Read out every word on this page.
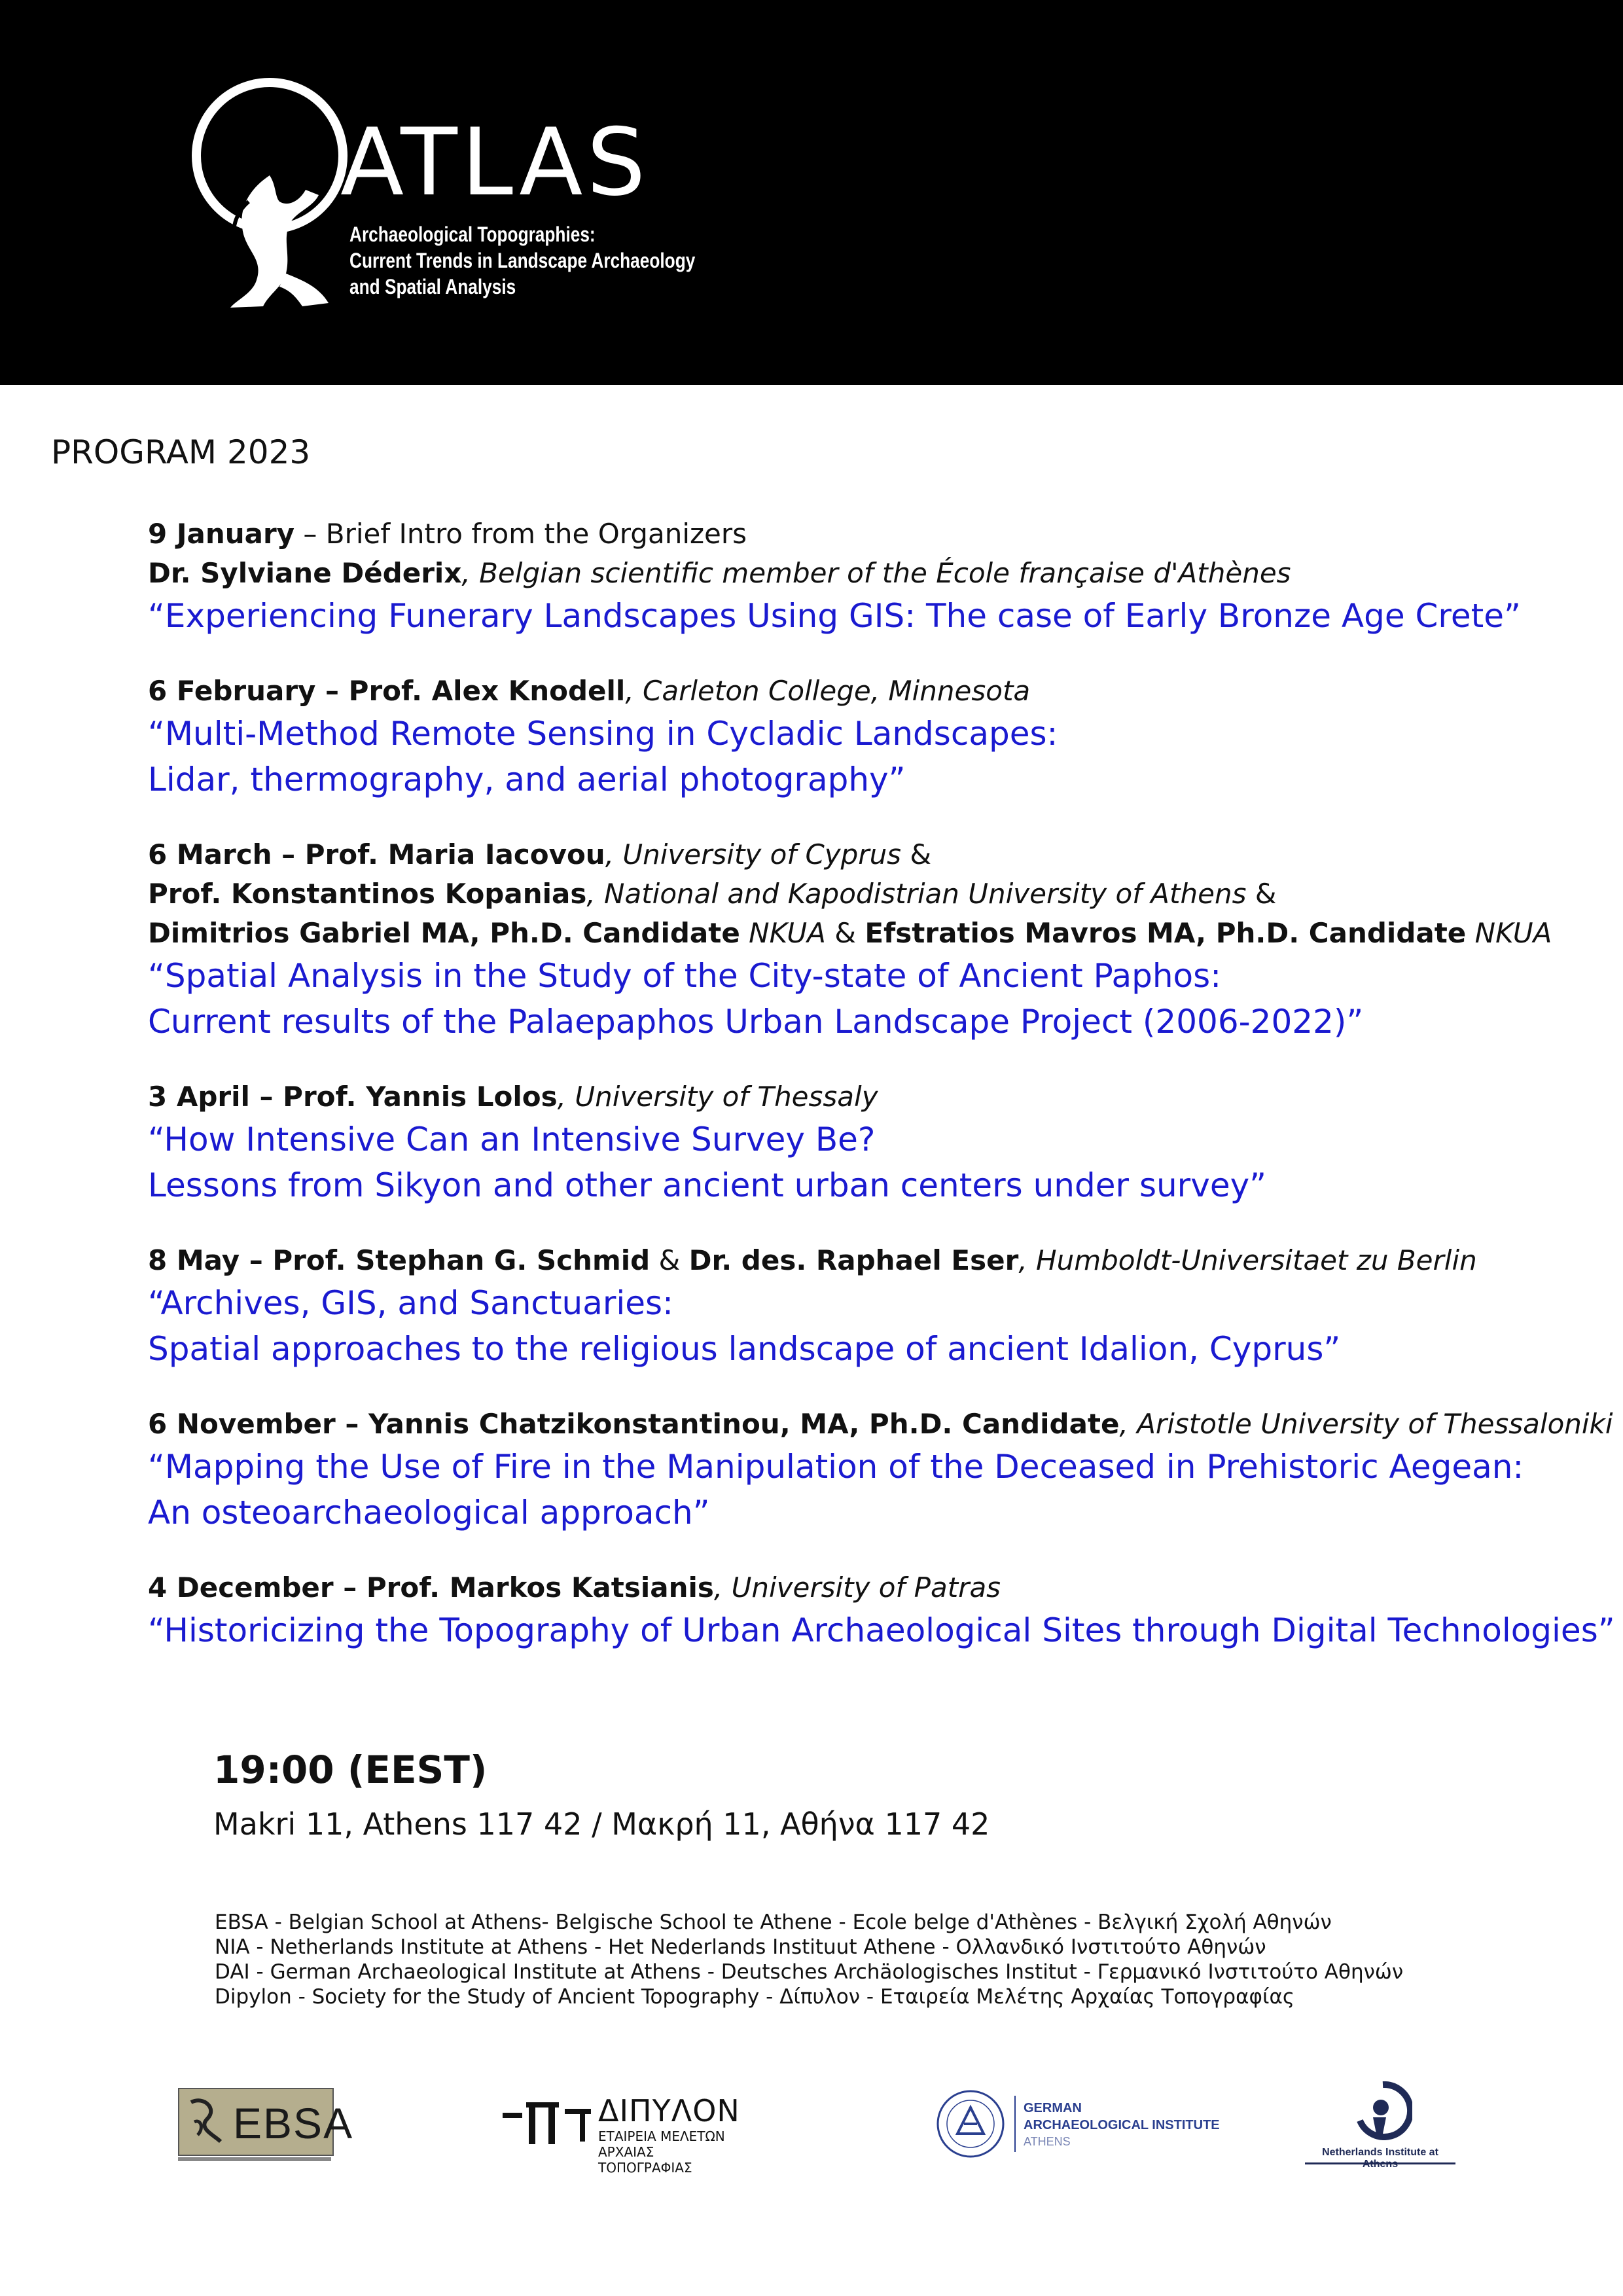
ATLAS
Archaeological Topographies:
Current Trends in Landscape Archaeology
and Spatial Analysis
PROGRAM 2023
9 January – Brief Intro from the Organizers
Dr. Sylviane Déderix, Belgian scientific member of the École française d'Athènes
“Experiencing Funerary Landscapes Using GIS: The case of Early Bronze Age Crete”
6 February – Prof. Alex Knodell, Carleton College, Minnesota
“Multi-Method Remote Sensing in Cycladic Landscapes:
Lidar, thermography, and aerial photography”
6 March – Prof. Maria Iacovou, University of Cyprus &
Prof. Konstantinos Kopanias, National and Kapodistrian University of Athens &
Dimitrios Gabriel MA, Ph.D. Candidate NKUA & Efstratios Mavros MA, Ph.D. Candidate NKUA
“Spatial Analysis in the Study of the City-state of Ancient Paphos:
Current results of the Palaepaphos Urban Landscape Project (2006-2022)”
3 April – Prof. Yannis Lolos, University of Thessaly
“How Intensive Can an Intensive Survey Be?
Lessons from Sikyon and other ancient urban centers under survey”
8 May – Prof. Stephan G. Schmid & Dr. des. Raphael Eser, Humboldt-Universitaet zu Berlin
“Archives, GIS, and Sanctuaries:
Spatial approaches to the religious landscape of ancient Idalion, Cyprus”
6 November – Yannis Chatzikonstantinou, MA, Ph.D. Candidate, Aristotle University of Thessaloniki
“Mapping the Use of Fire in the Manipulation of the Deceased in Prehistoric Aegean:
An osteoarchaeological approach”
4 December – Prof. Markos Katsianis, University of Patras
“Historicizing the Topography of Urban Archaeological Sites through Digital Technologies”
19:00 (EEST)
Makri 11, Athens 117 42 / Μακρή 11, Αθήνα 117 42
EBSA - Belgian School at Athens- Belgische School te Athene - Ecole belge d'Athènes - Βελγική Σχολή Αθηνών
NIA - Netherlands Institute at Athens - Het Nederlands Instituut Athene - Ολλανδικό Ινστιτούτο Αθηνών
DAI - German Archaeological Institute at Athens - Deutsches Archäologisches Institut - Γερμανικό Ινστιτούτο Αθηνών
Dipylon - Society for the Study of Ancient Topography - Δίπυλον - Εταιρεία Μελέτης Αρχαίας Τοπογραφίας
EBSA	ΔΙΠΥΛΟΝ
ΕΤΑΙΡΕΙΑ ΜΕΛΕΤΩΝ
ΑΡΧΑΙΑΣ ΤΟΠΟΓΡΑΦΙΑΣ
GERMAN
ARCHAEOLOGICAL INSTITUTE
ATHENS
Netherlands Institute at
